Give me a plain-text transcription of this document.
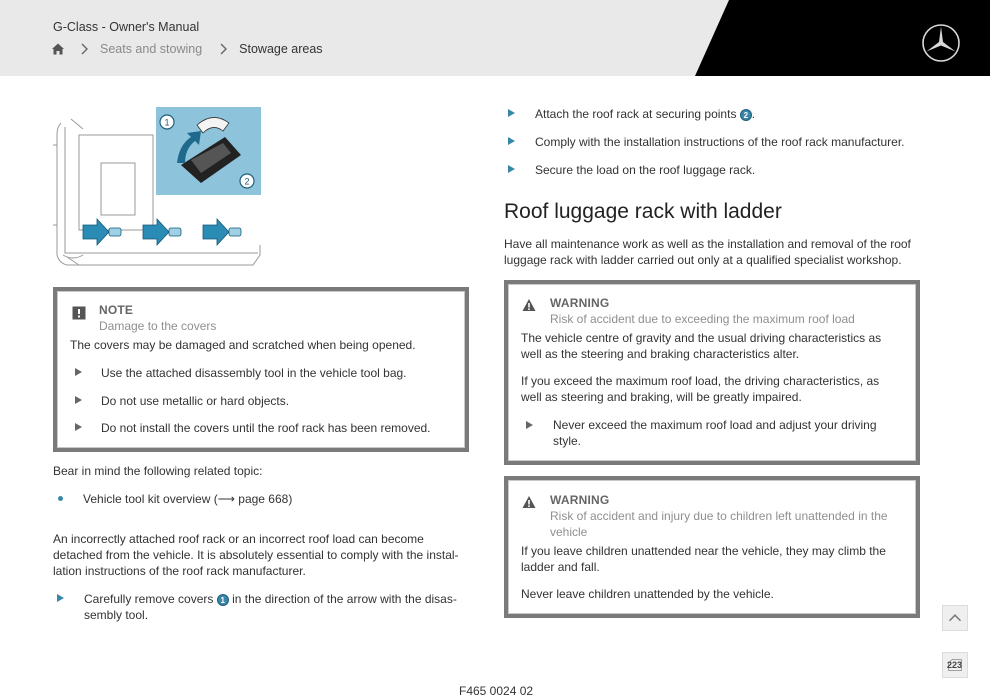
G-Class - Owner's Manual
Seats and stowing	Stowage areas
1
2
NOTE
Damage to the covers
The covers may be damaged and scratched when being opened.
Use the attached disassembly tool in the vehicle tool bag.
Do not use metallic or hard objects.
Do not install the covers until the roof rack has been removed.
Bear in mind the following related topic:
Vehicle tool kit overview (⟶ page 668)
An incorrectly attached roof rack or an incorrect roof load can become
detached from the vehicle. It is absolutely essential to comply with the instal-
lation instructions of the roof rack manufacturer.
Carefully remove covers 1 in the direction of the arrow with the disas-
sembly tool.
Attach the roof rack at securing points 2 .
Comply with the installation instructions of the roof rack manufacturer.
Secure the load on the roof luggage rack.
Roof luggage rack with ladder
Have all maintenance work as well as the installation and removal of the roof
luggage rack with ladder carried out only at a qualified specialist workshop.
WARNING
Risk of accident due to exceeding the maximum roof load
The vehicle centre of gravity and the usual driving characteristics as
well as the steering and braking characteristics alter.
If you exceed the maximum roof load, the driving characteristics, as
well as steering and braking, will be greatly impaired.
Never exceed the maximum roof load and adjust your driving
style.
WARNING
Risk of accident and injury due to children left unattended in the
vehicle
If you leave children unattended near the vehicle, they may climb the
ladder and fall.
Never leave children unattended by the vehicle.
223
F465 0024 02
